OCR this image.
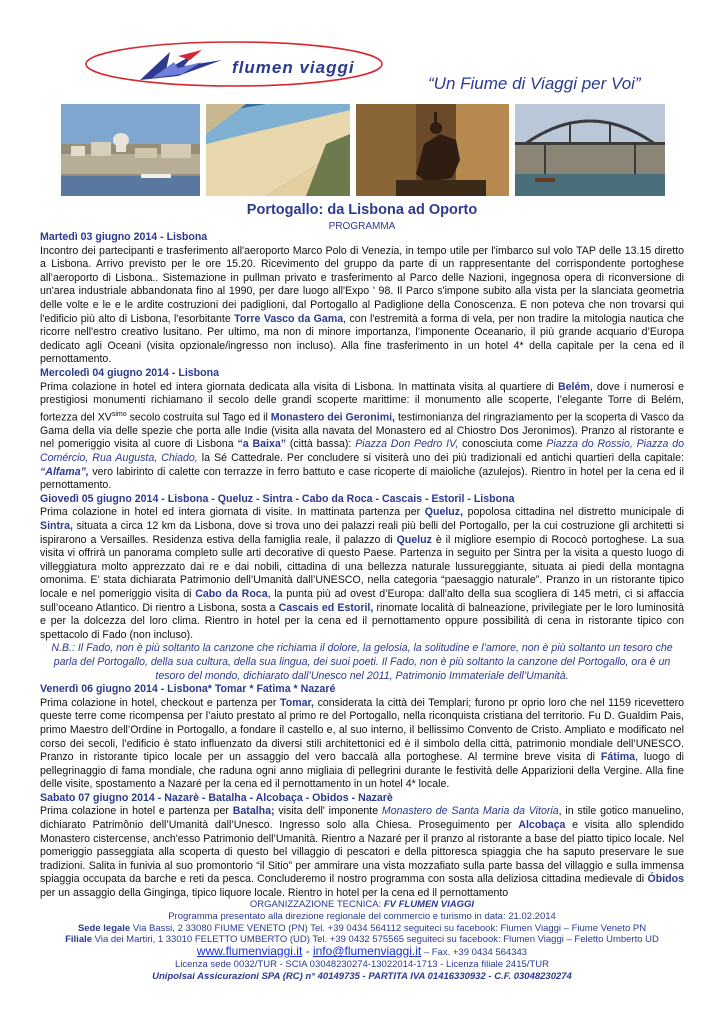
flumen viaggi
“Un Fiume di Viaggi per Voi”
Portogallo: da Lisbona ad Oporto
PROGRAMMA
Martedì 03 giugno 2014 - Lisbona
Incontro dei partecipanti e trasferimento all'aeroporto Marco Polo di Venezia, in tempo utile per l'imbarco sul volo TAP delle 13.15 diretto a Lisbona. Arrivo previsto per le ore 15.20. Ricevimento del gruppo da parte di un rappresentante del corrispondente portoghese all’aeroporto di Lisbona.. Sistemazione in pullman privato e trasferimento al Parco delle Nazioni, ingegnosa opera di riconversione di un'area industriale abbandonata fino al 1990, per dare luogo all'Expo ' 98. Il Parco s'impone subito alla vista per la slanciata geometria delle volte e le e le ardite costruzioni dei padiglioni, dal Portogallo al Padiglione della Conoscenza. E non poteva che non trovarsi qui l'edificio più alto di Lisbona, l'esorbitante Torre Vasco da Gama, con l'estremità a forma di vela, per non tradire la mitologia nautica che ricorre nell'estro creativo lusitano. Per ultimo, ma non di minore importanza, l’imponente Oceanario, il più grande acquario d’Europa dedicato agli Oceani (visita opzionale/ingresso non incluso). Alla fine trasferimento in un hotel 4* della capitale per la cena ed il pernottamento.
Mercoledì 04 giugno 2014 - Lisbona
Prima colazione in hotel ed intera giornata dedicata alla visita di Lisbona. In mattinata visita al quartiere di Belém, dove i numerosi e prestigiosi monumenti richiamano il secolo delle grandi scoperte marittime: il monumento alle scoperte, l’elegante Torre di Belém, fortezza del $XV^{simo}$ secolo costruita sul Tago ed il Monastero dei Geronimi, testimonianza del ringraziamento per la scoperta di Vasco da Gama della via delle spezie che porta alle Indie (visita alla navata del Monastero ed al Chiostro Dos Jeronimos). Pranzo al ristorante e nel pomeriggio visita al cuore di Lisbona “a Baixa” (città bassa): Piazza Don Pedro IV, conosciuta come Piazza do Rossio, Piazza do Comércio, Rua Augusta, Chiado, la Sé Cattedrale. Per concludere si visiterà uno dei più tradizionali ed antichi quartieri della capitale: “Alfama”, vero labirinto di calette con terrazze in ferro battuto e case ricoperte di maioliche (azulejos). Rientro in hotel per la cena ed il pernottamento.
Giovedì 05 giugno 2014 - Lisbona - Queluz - Sintra - Cabo da Roca - Cascais - Estoril - Lisbona
Prima colazione in hotel ed intera giornata di visite. In mattinata partenza per Queluz, popolosa cittadina nel distretto municipale di Sintra, situata a circa 12 km da Lisbona, dove si trova uno dei palazzi reali più belli del Portogallo, per la cui costruzione gli architetti si ispirarono a Versailles. Residenza estiva della famiglia reale, il palazzo di Queluz è il migliore esempio di Rococò portoghese. La sua visita vi offrirà un panorama completo sulle arti decorative di questo Paese. Partenza in seguito per Sintra per la visita a questo luogo di villeggiatura molto apprezzato dai re e dai nobili, cittadina di una bellezza naturale lussureggiante, situata ai piedi della montagna omonima. E’ stata dichiarata Patrimonio dell’Umanità dall’UNESCO, nella categoria “paesaggio naturale”. Pranzo in un ristorante tipico locale e nel pomeriggio visita di Cabo da Roca, la punta più ad ovest d’Europa: dall'alto della sua scogliera di 145 metri, ci si affaccia sull’oceano Atlantico. Di rientro a Lisbona, sosta a Cascais ed Estoril, rinomate località di balneazione, privilegiate per le loro luminosità e per la dolcezza del loro clima. Rientro in hotel per la cena ed il pernottamento oppure possibilità di cena in ristorante tipico con spettacolo di Fado (non incluso).
N.B.: Il Fado, non è più soltanto la canzone che richiama il dolore, la gelosia, la solitudine e l’amore, non è più soltanto un tesoro che parla del Portogallo, della sua cultura, della sua lingua, dei suoi poeti. Il Fado, non è più soltanto la canzone del Portogallo, ora è un tesoro del mondo, dichiarato dall’Unesco nel 2011, Patrimonio Immateriale dell’Umanità.
Venerdì 06 giugno 2014 - Lisbona* Tomar * Fatima * Nazaré
Prima colazione in hotel, checkout e partenza per Tomar, considerata la città dei Templari; furono pr oprio loro che nel 1159 ricevettero queste terre come ricompensa per l’aiuto prestato al primo re del Portogallo, nella riconquista cristiana del territorio. Fu D. Gualdim Pais, primo Maestro dell’Ordine in Portogallo, a fondare il castello e, al suo interno, il bellissimo Convento de Cristo. Ampliato e modificato nel corso dei secoli, l’edificio è stato influenzato da diversi stili architettonici ed è il simbolo della città, patrimonio mondiale dell’UNESCO. Pranzo in ristorante tipico locale per un assaggio del vero baccalà alla portoghese. Al termine breve visita di Fátima, luogo di pellegrinaggio di fama mondiale, che raduna ogni anno migliaia di pellegrini durante le festività delle Apparizioni della Vergine. Alla fine delle visite, spostamento a Nazaré per la cena ed il pernottamento in un hotel 4* locale.
Sabato 07 giugno 2014 - Nazarè - Batalha - Alcobaça - Obidos - Nazarè
Prima colazione in hotel e partenza per Batalha; visita dell' imponente Monastero de Santa Maria da Vitoria, in stile gotico manuelino, dichiarato Patrimônio dell’Umanità dall’Unesco. Ingresso solo alla Chiesa. Proseguimento per Alcobaça e visita allo splendido Monastero cistercense, anch'esso Patrimonio dell’Umanità. Rientro a Nazaré per il pranzo al ristorante a base del piatto tipico locale. Nel pomeriggio passeggiata alla scoperta di questo bel villaggio di pescatori e della pittoresca spiaggia che ha saputo preservare le sue tradizioni. Salita in funivia al suo promontorio “il Sitio” per ammirare una vista mozzafiato sulla parte bassa del villaggio e sulla immensa spiaggia occupata da barche e reti da pesca. Concluderemo il nostro programma con sosta alla deliziosa cittadina medievale di Óbidos per un assaggio della Ginginga, tipico liquore locale. Rientro in hotel per la cena ed il pernottamento
ORGANIZZAZIONE TECNICA: FV FLUMEN VIAGGI
Programma presentato alla direzione regionale del commercio e turismo in data: 21.02.2014
Sede legale Via Bassi, 2 33080 FIUME VENETO (PN) Tel. +39 0434 564112 seguiteci su facebook: Flumen Viaggi – Fiume Veneto PN
Filiale Via dei Martiri, 1 33010 FELETTO UMBERTO (UD) Tel. +39 0432 575565 seguiteci su facebook: Flumen Viaggi – Feletto Umberto UD
www.flumenviaggi.it - info@flumenviaggi.it – Fax. +39 0434 564343
Licenza sede 0032/TUR - SCIA 03048230274-13022014-1713 - Licenza filiale 2415/TUR
Unipolsai Assicurazioni SPA (RC) n° 40149735 - PARTITA IVA 01416330932 - C.F. 03048230274
